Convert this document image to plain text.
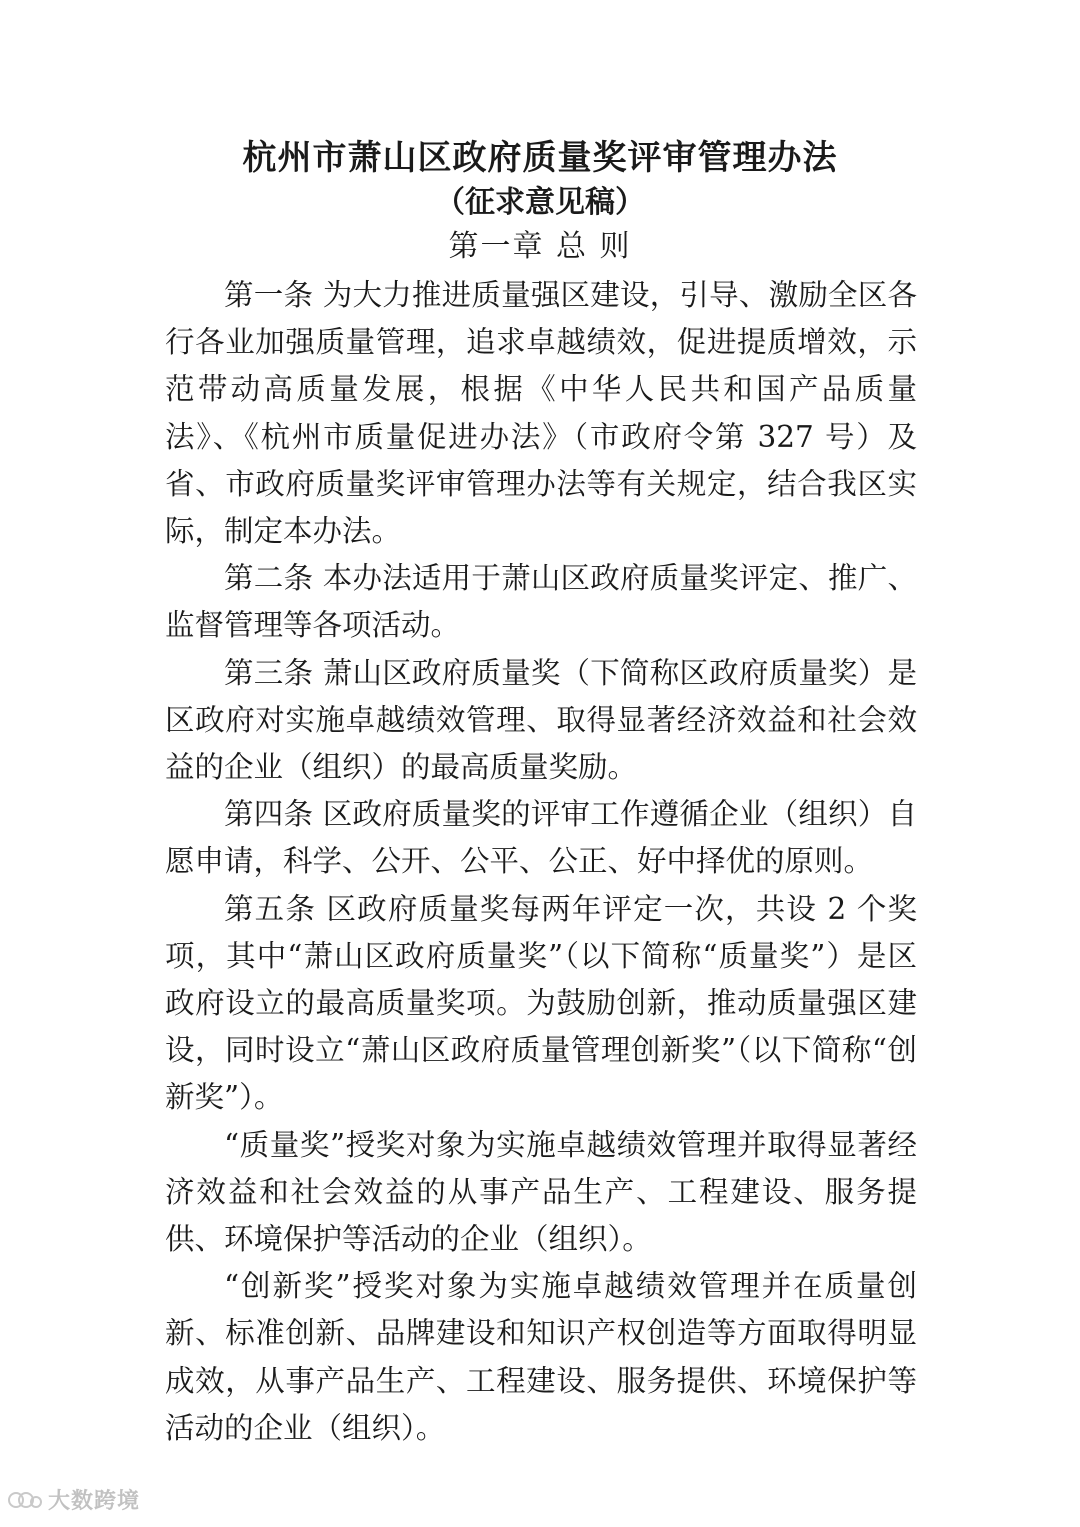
杭州市萧山区政府质量奖评审管理办法
（征求意见稿）
第一章 总 则

第一条 为大力推进质量强区建设，引导、激励全区各行各业加强质量管理，追求卓越绩效，促进提质增效，示范带动高质量发展，根据《中华人民共和国产品质量法》、《杭州市质量促进办法》（市政府令第 327 号）及省、市政府质量奖评审管理办法等有关规定，结合我区实际，制定本办法。

第二条 本办法适用于萧山区政府质量奖评定、推广、监督管理等各项活动。

第三条 萧山区政府质量奖（下简称区政府质量奖）是区政府对实施卓越绩效管理、取得显著经济效益和社会效益的企业（组织）的最高质量奖励。

第四条 区政府质量奖的评审工作遵循企业（组织）自愿申请，科学、公开、公平、公正、好中择优的原则。

第五条 区政府质量奖每两年评定一次，共设 2 个奖项，其中“萧山区政府质量奖”（以下简称“质量奖”）是区政府设立的最高质量奖项。为鼓励创新，推动质量强区建设，同时设立“萧山区政府质量管理创新奖”（以下简称“创新奖”）。

“质量奖”授奖对象为实施卓越绩效管理并取得显著经济效益和社会效益的从事产品生产、工程建设、服务提供、环境保护等活动的企业（组织）。

“创新奖”授奖对象为实施卓越绩效管理并在质量创新、标准创新、品牌建设和知识产权创造等方面取得明显成效，从事产品生产、工程建设、服务提供、环境保护等活动的企业（组织）。

大数跨境
